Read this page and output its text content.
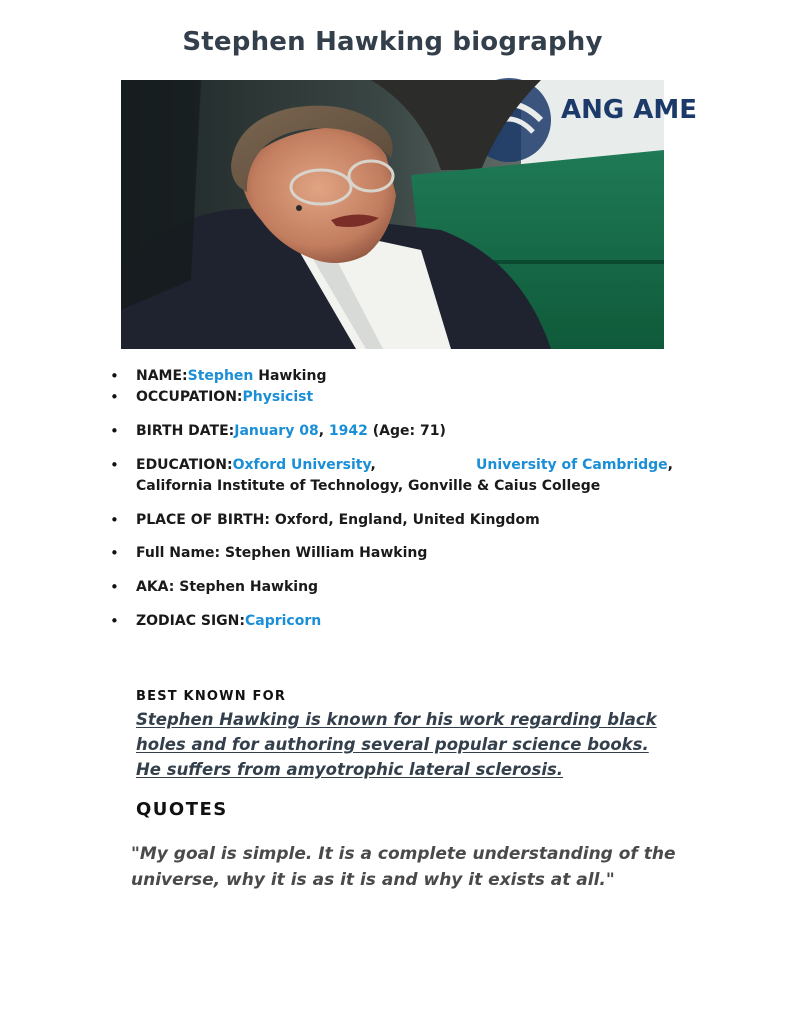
Stephen Hawking biography
ANG AME
• NAME:Stephen Hawking
• OCCUPATION:Physicist
• BIRTH DATE:January 08, 1942 (Age: 71)
• EDUCATION:Oxford University,	University of Cambridge,
California Institute of Technology, Gonville & Caius College
• PLACE OF BIRTH: Oxford, England, United Kingdom
• Full Name: Stephen William Hawking
• AKA: Stephen Hawking
• ZODIAC SIGN:Capricorn
BEST KNOWN FOR

Stephen Hawking is known for his work regarding black
holes and for authoring several popular science books.
He suffers from amyotrophic lateral sclerosis.

QUOTES

"My goal is simple. It is a complete understanding of the
universe, why it is as it is and why it exists at all."
